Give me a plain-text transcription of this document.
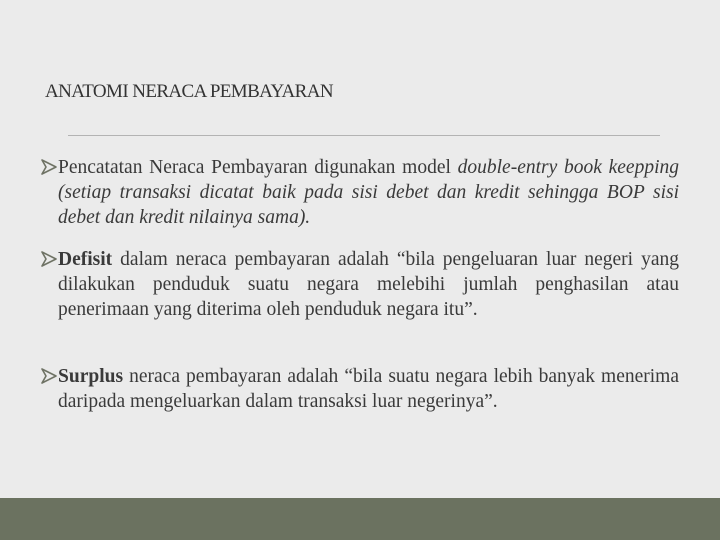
ANATOMI NERACA PEMBAYARAN

Pencatatan Neraca Pembayaran digunakan model double-entry book keepping (setiap transaksi dicatat baik pada sisi debet dan kredit sehingga BOP sisi debet dan kredit nilainya sama).

Defisit dalam neraca pembayaran adalah “bila pengeluaran luar negeri yang dilakukan penduduk suatu negara melebihi jumlah penghasilan atau penerimaan yang diterima oleh penduduk negara itu”.

Surplus neraca pembayaran adalah “bila suatu negara lebih banyak menerima daripada mengeluarkan dalam transaksi luar negerinya”.
